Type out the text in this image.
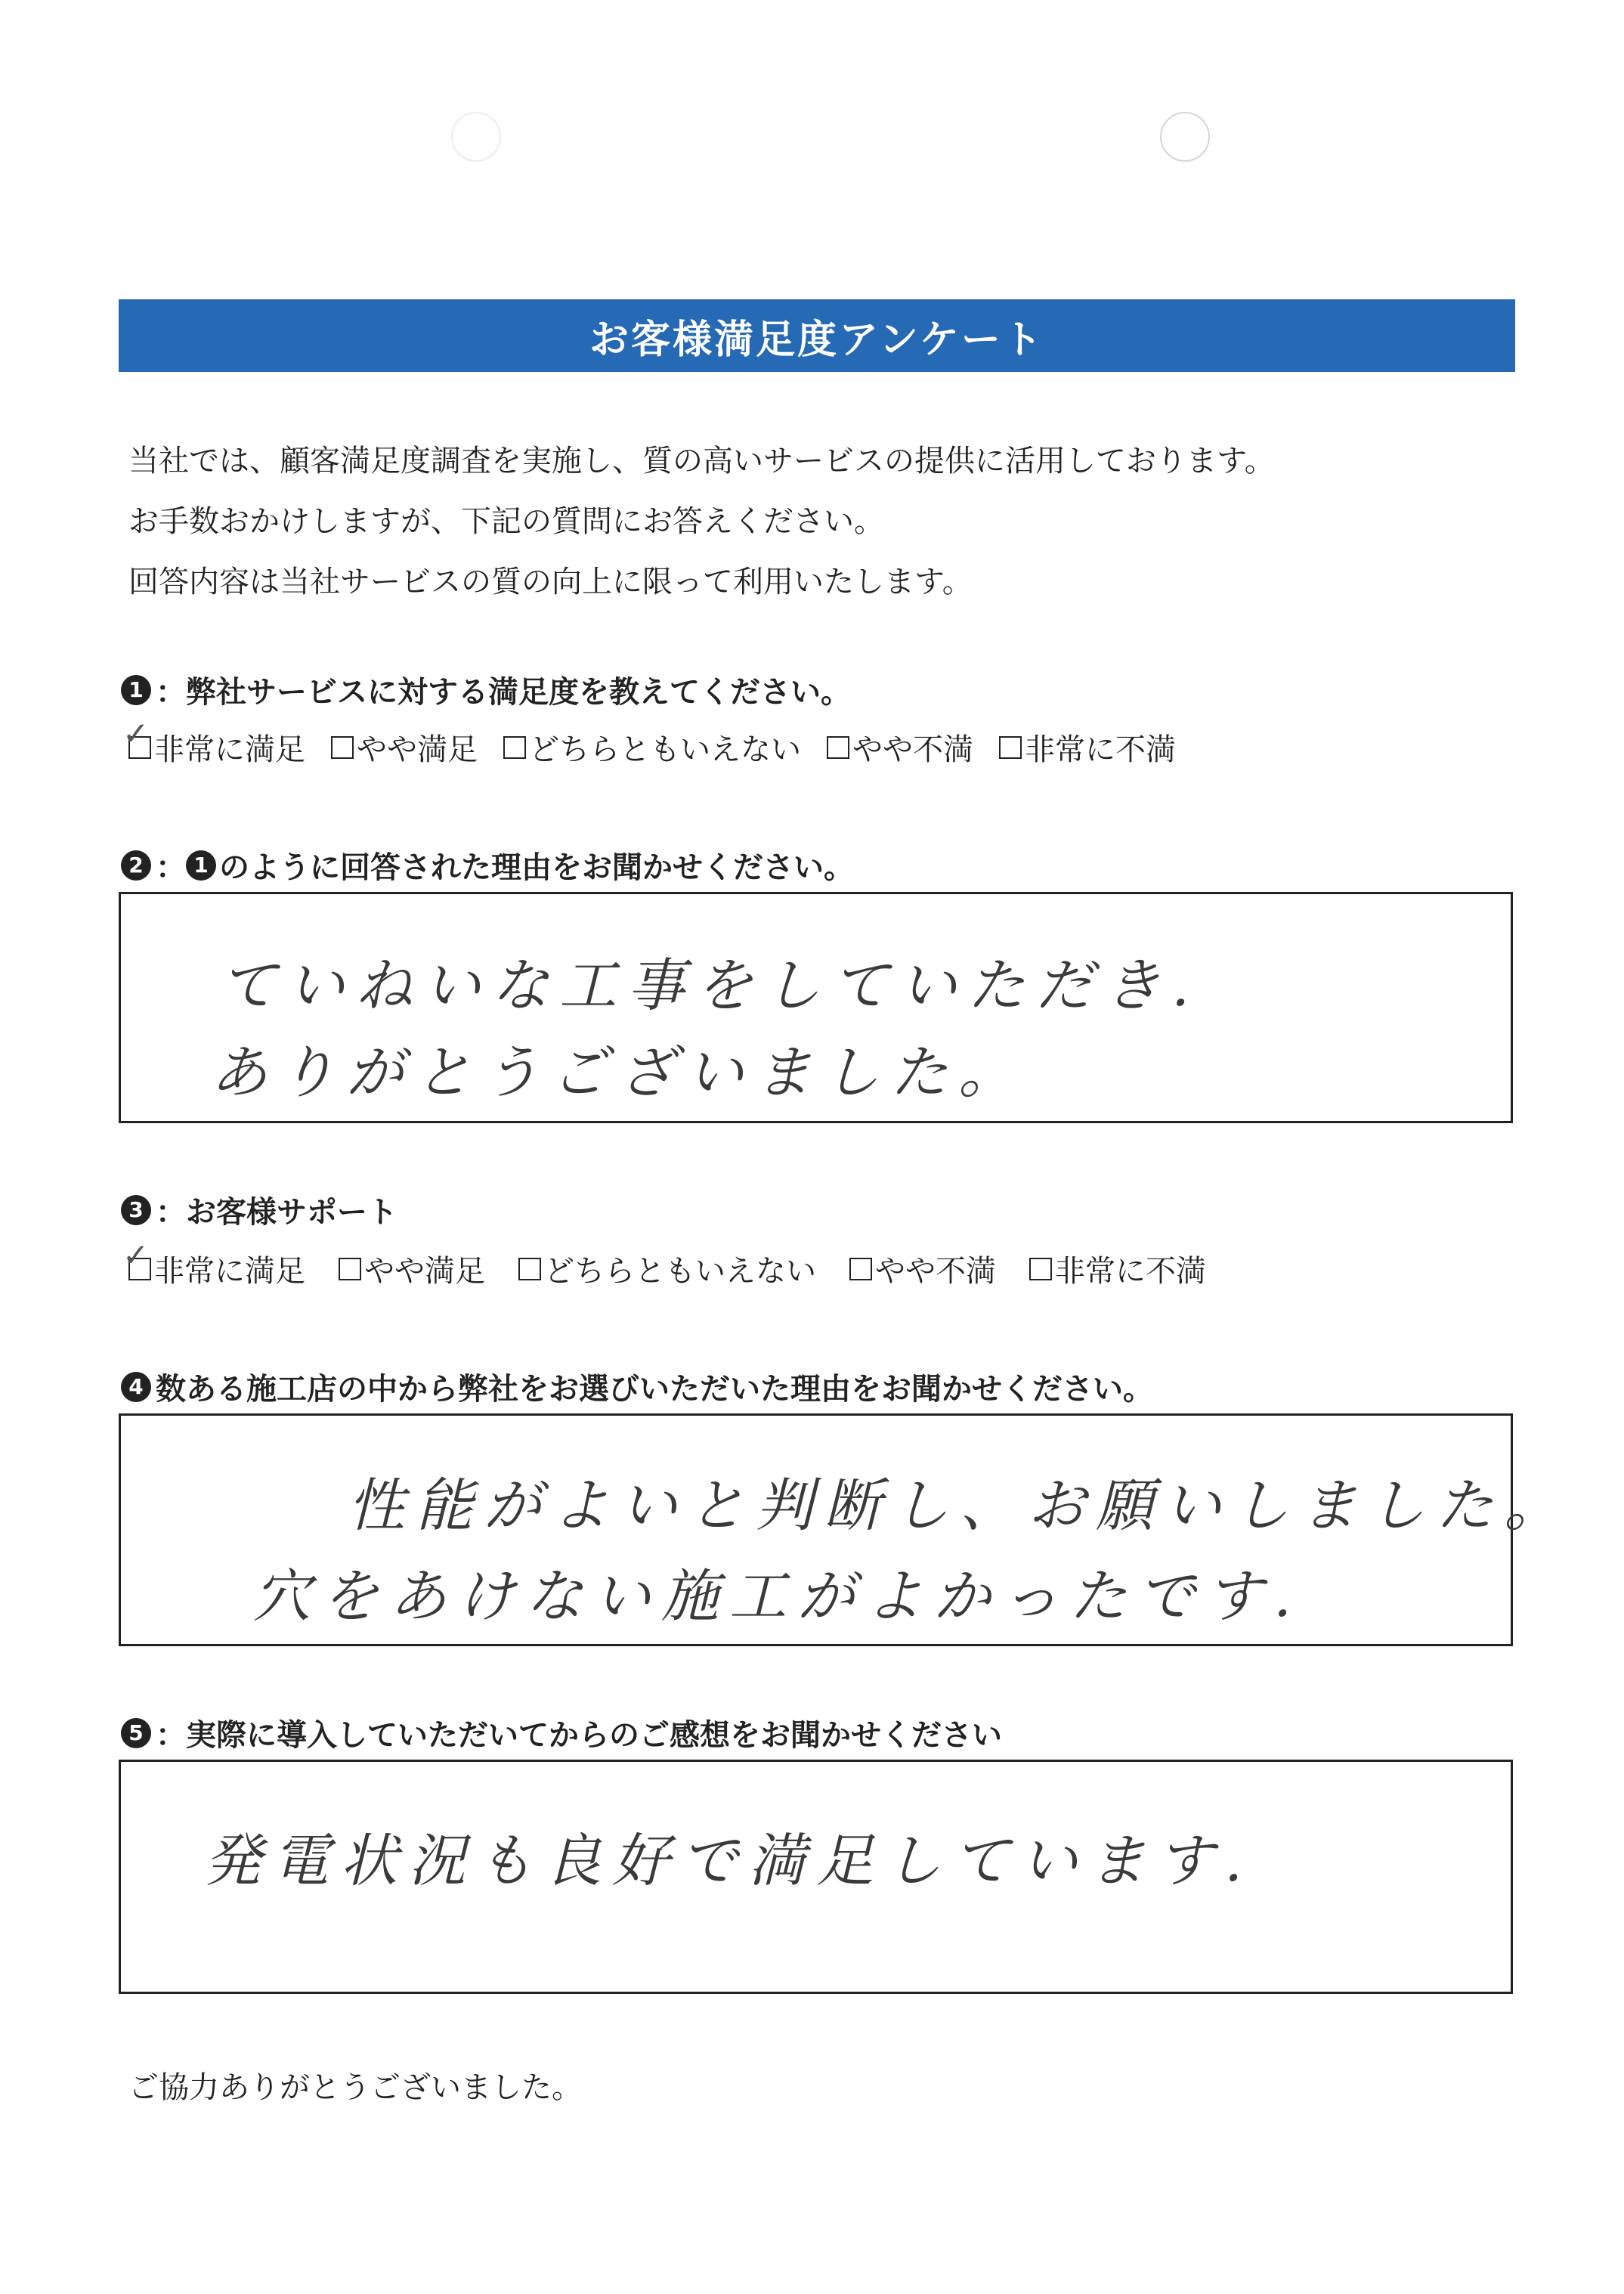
お客様満足度アンケート
当社では、顧客満足度調査を実施し、質の高いサービスの提供に活用しております。
お手数おかけしますが、下記の質問にお答えください。
回答内容は当社サービスの質の向上に限って利用いたします。
1 ： 弊社サービスに対する満足度を教えてください。
✓ 非常に満足 やや満足 どちらともいえない やや不満 非常に不満
2 ： 1 のように回答された理由をお聞かせください。
ていねいな工事をしていただき.
ありがとうございました。
3 ： お客様サポート
✓ 非常に満足 やや満足 どちらともいえない やや不満 非常に不満
4 数ある施工店の中から弊社をお選びいただいた理由をお聞かせください。
性能がよいと判断し、お願いしました。
穴をあけない施工がよかったです.
5 ： 実際に導入していただいてからのご感想をお聞かせください
発電状況も良好で満足しています.
ご協力ありがとうございました。
